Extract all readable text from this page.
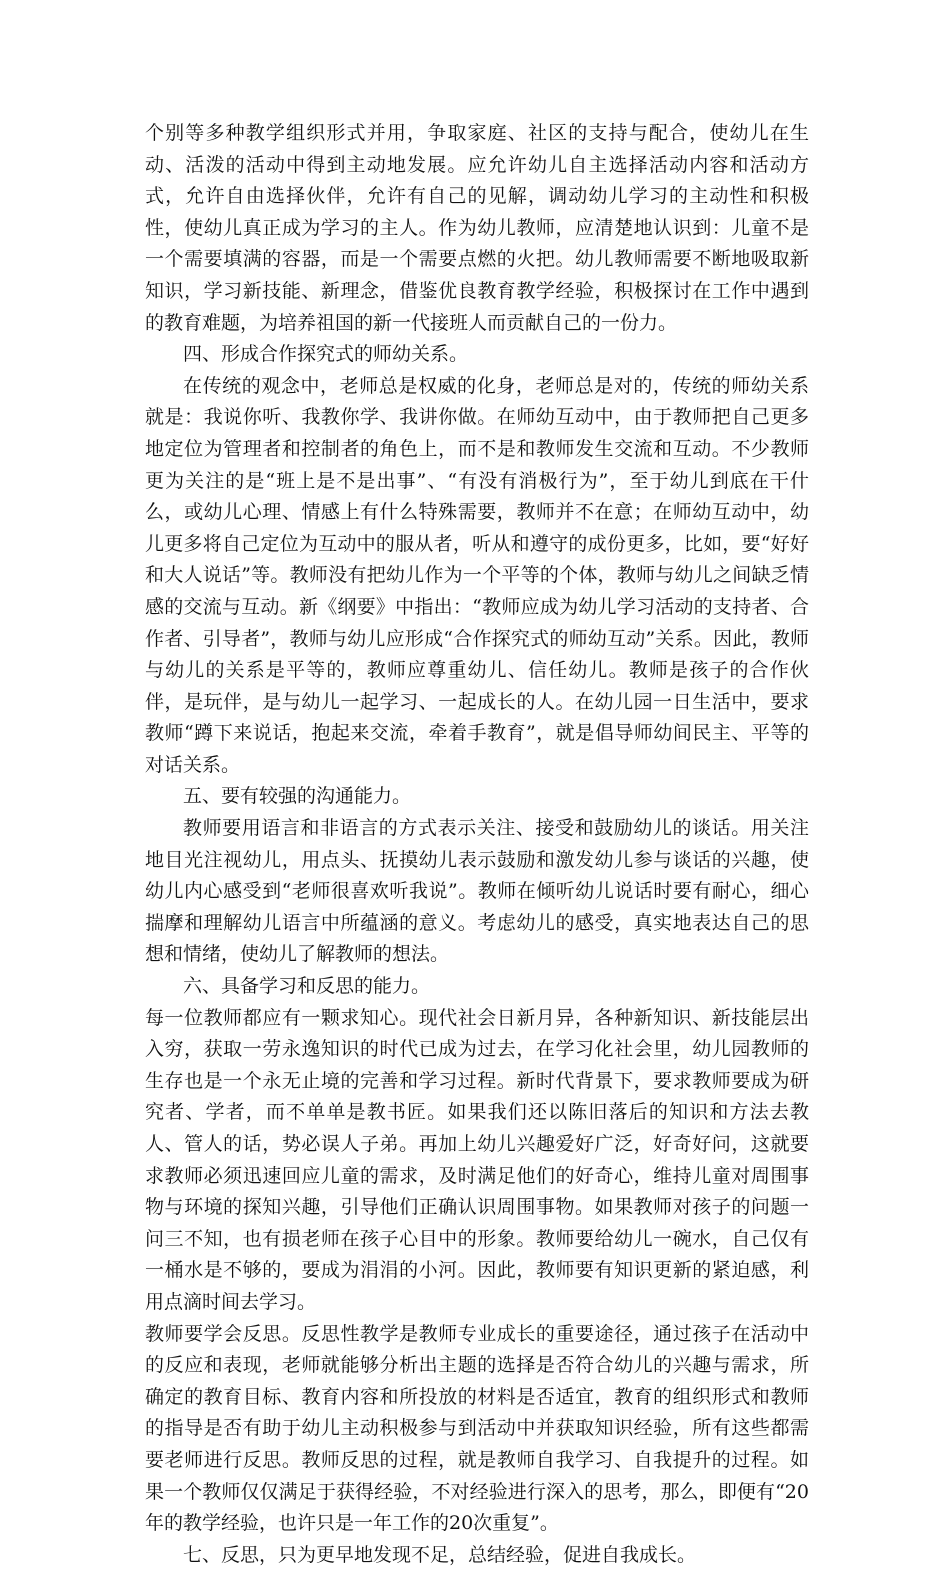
个别等多种教学组织形式并用，争取家庭、社区的支持与配合，使幼儿在生动、活泼的活动中得到主动地发展。应允许幼儿自主选择活动内容和活动方式，允许自由选择伙伴，允许有自己的见解，调动幼儿学习的主动性和积极性，使幼儿真正成为学习的主人。作为幼儿教师，应清楚地认识到：儿童不是一个需要填满的容器，而是一个需要点燃的火把。幼儿教师需要不断地吸取新知识，学习新技能、新理念，借鉴优良教育教学经验，积极探讨在工作中遇到的教育难题，为培养祖国的新一代接班人而贡献自己的一份力。

四、形成合作探究式的师幼关系。

在传统的观念中，老师总是权威的化身，老师总是对的，传统的师幼关系就是：我说你听、我教你学、我讲你做。在师幼互动中，由于教师把自己更多地定位为管理者和控制者的角色上，而不是和教师发生交流和互动。不少教师更为关注的是“班上是不是出事”、“有没有消极行为”，至于幼儿到底在干什么，或幼儿心理、情感上有什么特殊需要，教师并不在意；在师幼互动中，幼儿更多将自己定位为互动中的服从者，听从和遵守的成份更多，比如，要“好好和大人说话”等。教师没有把幼儿作为一个平等的个体，教师与幼儿之间缺乏情感的交流与互动。新《纲要》中指出：“教师应成为幼儿学习活动的支持者、合作者、引导者”，教师与幼儿应形成“合作探究式的师幼互动”关系。因此，教师与幼儿的关系是平等的，教师应尊重幼儿、信任幼儿。教师是孩子的合作伙伴，是玩伴，是与幼儿一起学习、一起成长的人。在幼儿园一日生活中，要求教师“蹲下来说话，抱起来交流，牵着手教育”，就是倡导师幼间民主、平等的对话关系。

五、要有较强的沟通能力。

教师要用语言和非语言的方式表示关注、接受和鼓励幼儿的谈话。用关注地目光注视幼儿，用点头、抚摸幼儿表示鼓励和激发幼儿参与谈话的兴趣，使幼儿内心感受到“老师很喜欢听我说”。教师在倾听幼儿说话时要有耐心，细心揣摩和理解幼儿语言中所蕴涵的意义。考虑幼儿的感受，真实地表达自己的思想和情绪，使幼儿了解教师的想法。

六、具备学习和反思的能力。

每一位教师都应有一颗求知心。现代社会日新月异，各种新知识、新技能层出入穷，获取一劳永逸知识的时代已成为过去，在学习化社会里，幼儿园教师的生存也是一个永无止境的完善和学习过程。新时代背景下，要求教师要成为研究者、学者，而不单单是教书匠。如果我们还以陈旧落后的知识和方法去教人、管人的话，势必误人子弟。再加上幼儿兴趣爱好广泛，好奇好问，这就要求教师必须迅速回应儿童的需求，及时满足他们的好奇心，维持儿童对周围事物与环境的探知兴趣，引导他们正确认识周围事物。如果教师对孩子的问题一问三不知，也有损老师在孩子心目中的形象。教师要给幼儿一碗水，自己仅有一桶水是不够的，要成为涓涓的小河。因此，教师要有知识更新的紧迫感，利用点滴时间去学习。

教师要学会反思。反思性教学是教师专业成长的重要途径，通过孩子在活动中的反应和表现，老师就能够分析出主题的选择是否符合幼儿的兴趣与需求，所确定的教育目标、教育内容和所投放的材料是否适宜，教育的组织形式和教师的指导是否有助于幼儿主动积极参与到活动中并获取知识经验，所有这些都需要老师进行反思。教师反思的过程，就是教师自我学习、自我提升的过程。如果一个教师仅仅满足于获得经验，不对经验进行深入的思考，那么，即便有“20年的教学经验，也许只是一年工作的20次重复”。

七、反思，只为更早地发现不足，总结经验，促进自我成长。
